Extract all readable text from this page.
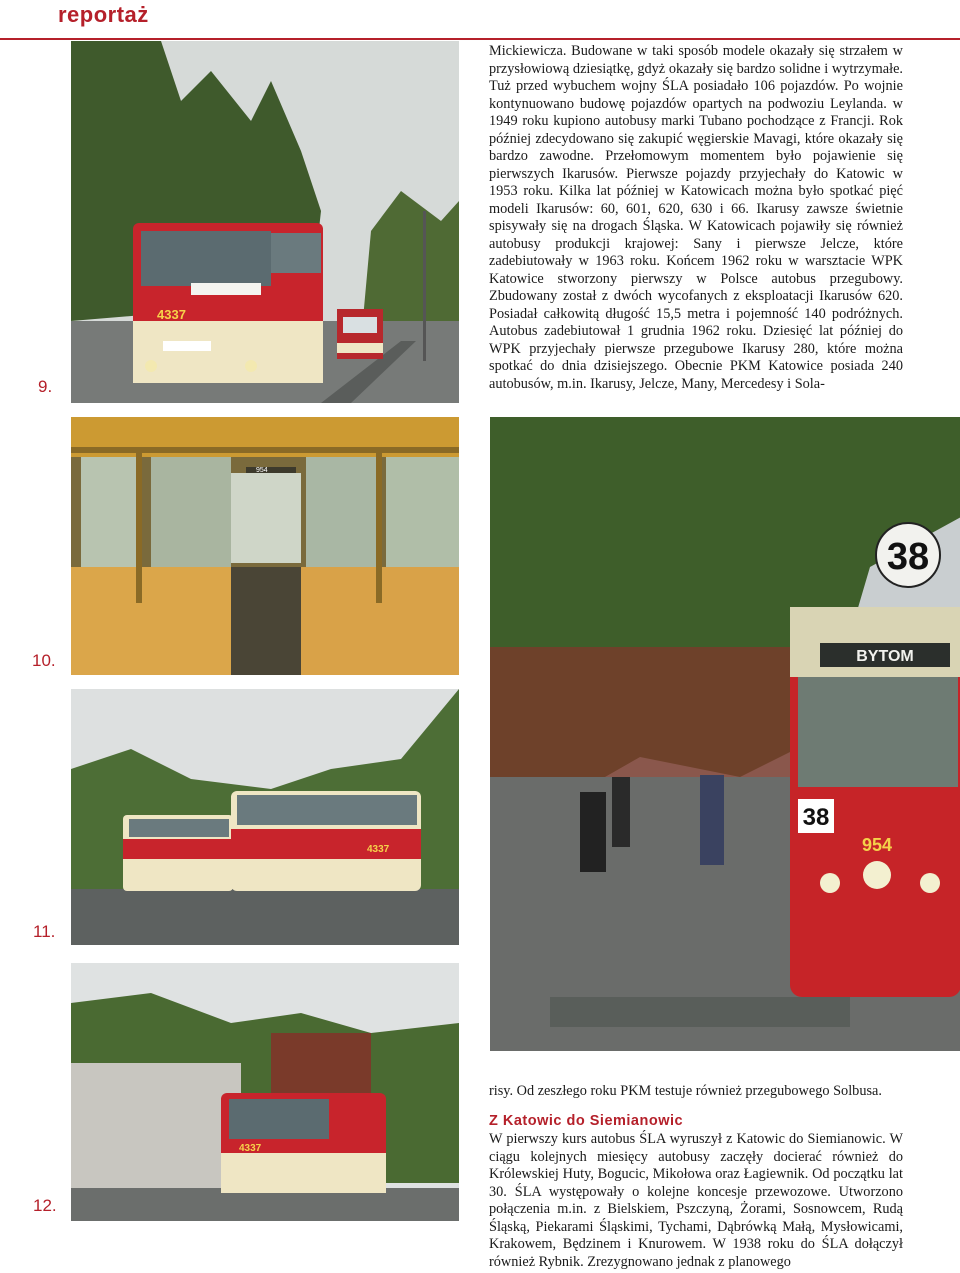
reportaż
4337
9.

Mickiewicza. Budowane w taki sposób modele okazały się strzałem w przysłowiową dziesiątkę, gdyż okazały się bardzo solidne i wytrzymałe. Tuż przed wybuchem wojny ŚLA posiadało 106 pojazdów. Po wojnie kontynuowano budowę pojazdów opartych na podwoziu Leylanda. w 1949 roku kupiono autobusy marki Tubano pochodzące z Francji. Rok później zdecydowano się zakupić węgierskie Mavagi, które okazały się bardzo zawodne. Przełomowym momentem było pojawienie się pierwszych Ikarusów. Pierwsze pojazdy przyjechały do Katowic w 1953 roku. Kilka lat później w Katowicach można było spotkać pięć modeli Ikarusów: 60, 601, 620, 630 i 66. Ikarusy zawsze świetnie spisywały się na drogach Śląska. W Katowicach pojawiły się również autobusy produkcji krajowej: Sany i pierwsze Jelcze, które zadebiutowały w 1963 roku. Końcem 1962 roku w warsztacie WPK Katowice stworzony pierwszy w Polsce autobus przegubowy. Zbudowany został z dwóch wycofanych z eksploatacji Ikarusów 620. Posiadał całkowitą długość 15,5 metra i pojemność 140 podróżnych. Autobus zadebiutował 1 grudnia 1962 roku. Dziesięć lat później do WPK przyjechały pierwsze przegubowe Ikarusy 280, które można spotkać do dnia dzisiejszego. Obecnie PKM Katowice posiada 240 autobusów, m.in. Ikarusy, Jelcze, Many, Mercedesy i Sola-

954
10.
38
BYTOM
38
954
4337
11.
4337
12.

risy. Od zeszłego roku PKM testuje również przegubowego Solbusa.

Z Katowic do Siemianowic

W pierwszy kurs autobus ŚLA wyruszył z Katowic do Siemianowic. W ciągu kolejnych miesięcy autobusy zaczęły docierać również do Królewskiej Huty, Bogucic, Mikołowa oraz Łagiewnik. Od początku lat 30. ŚLA występowały o kolejne koncesje przewozowe. Utworzono połączenia m.in. z Bielskiem, Pszczyną, Żorami, Sosnowcem, Rudą Śląską, Piekarami Śląskimi, Tychami, Dąbrówką Małą, Mysłowicami, Krakowem, Będzinem i Knurowem. W 1938 roku do ŚLA dołączył również Rybnik. Zrezygnowano jednak z planowego
